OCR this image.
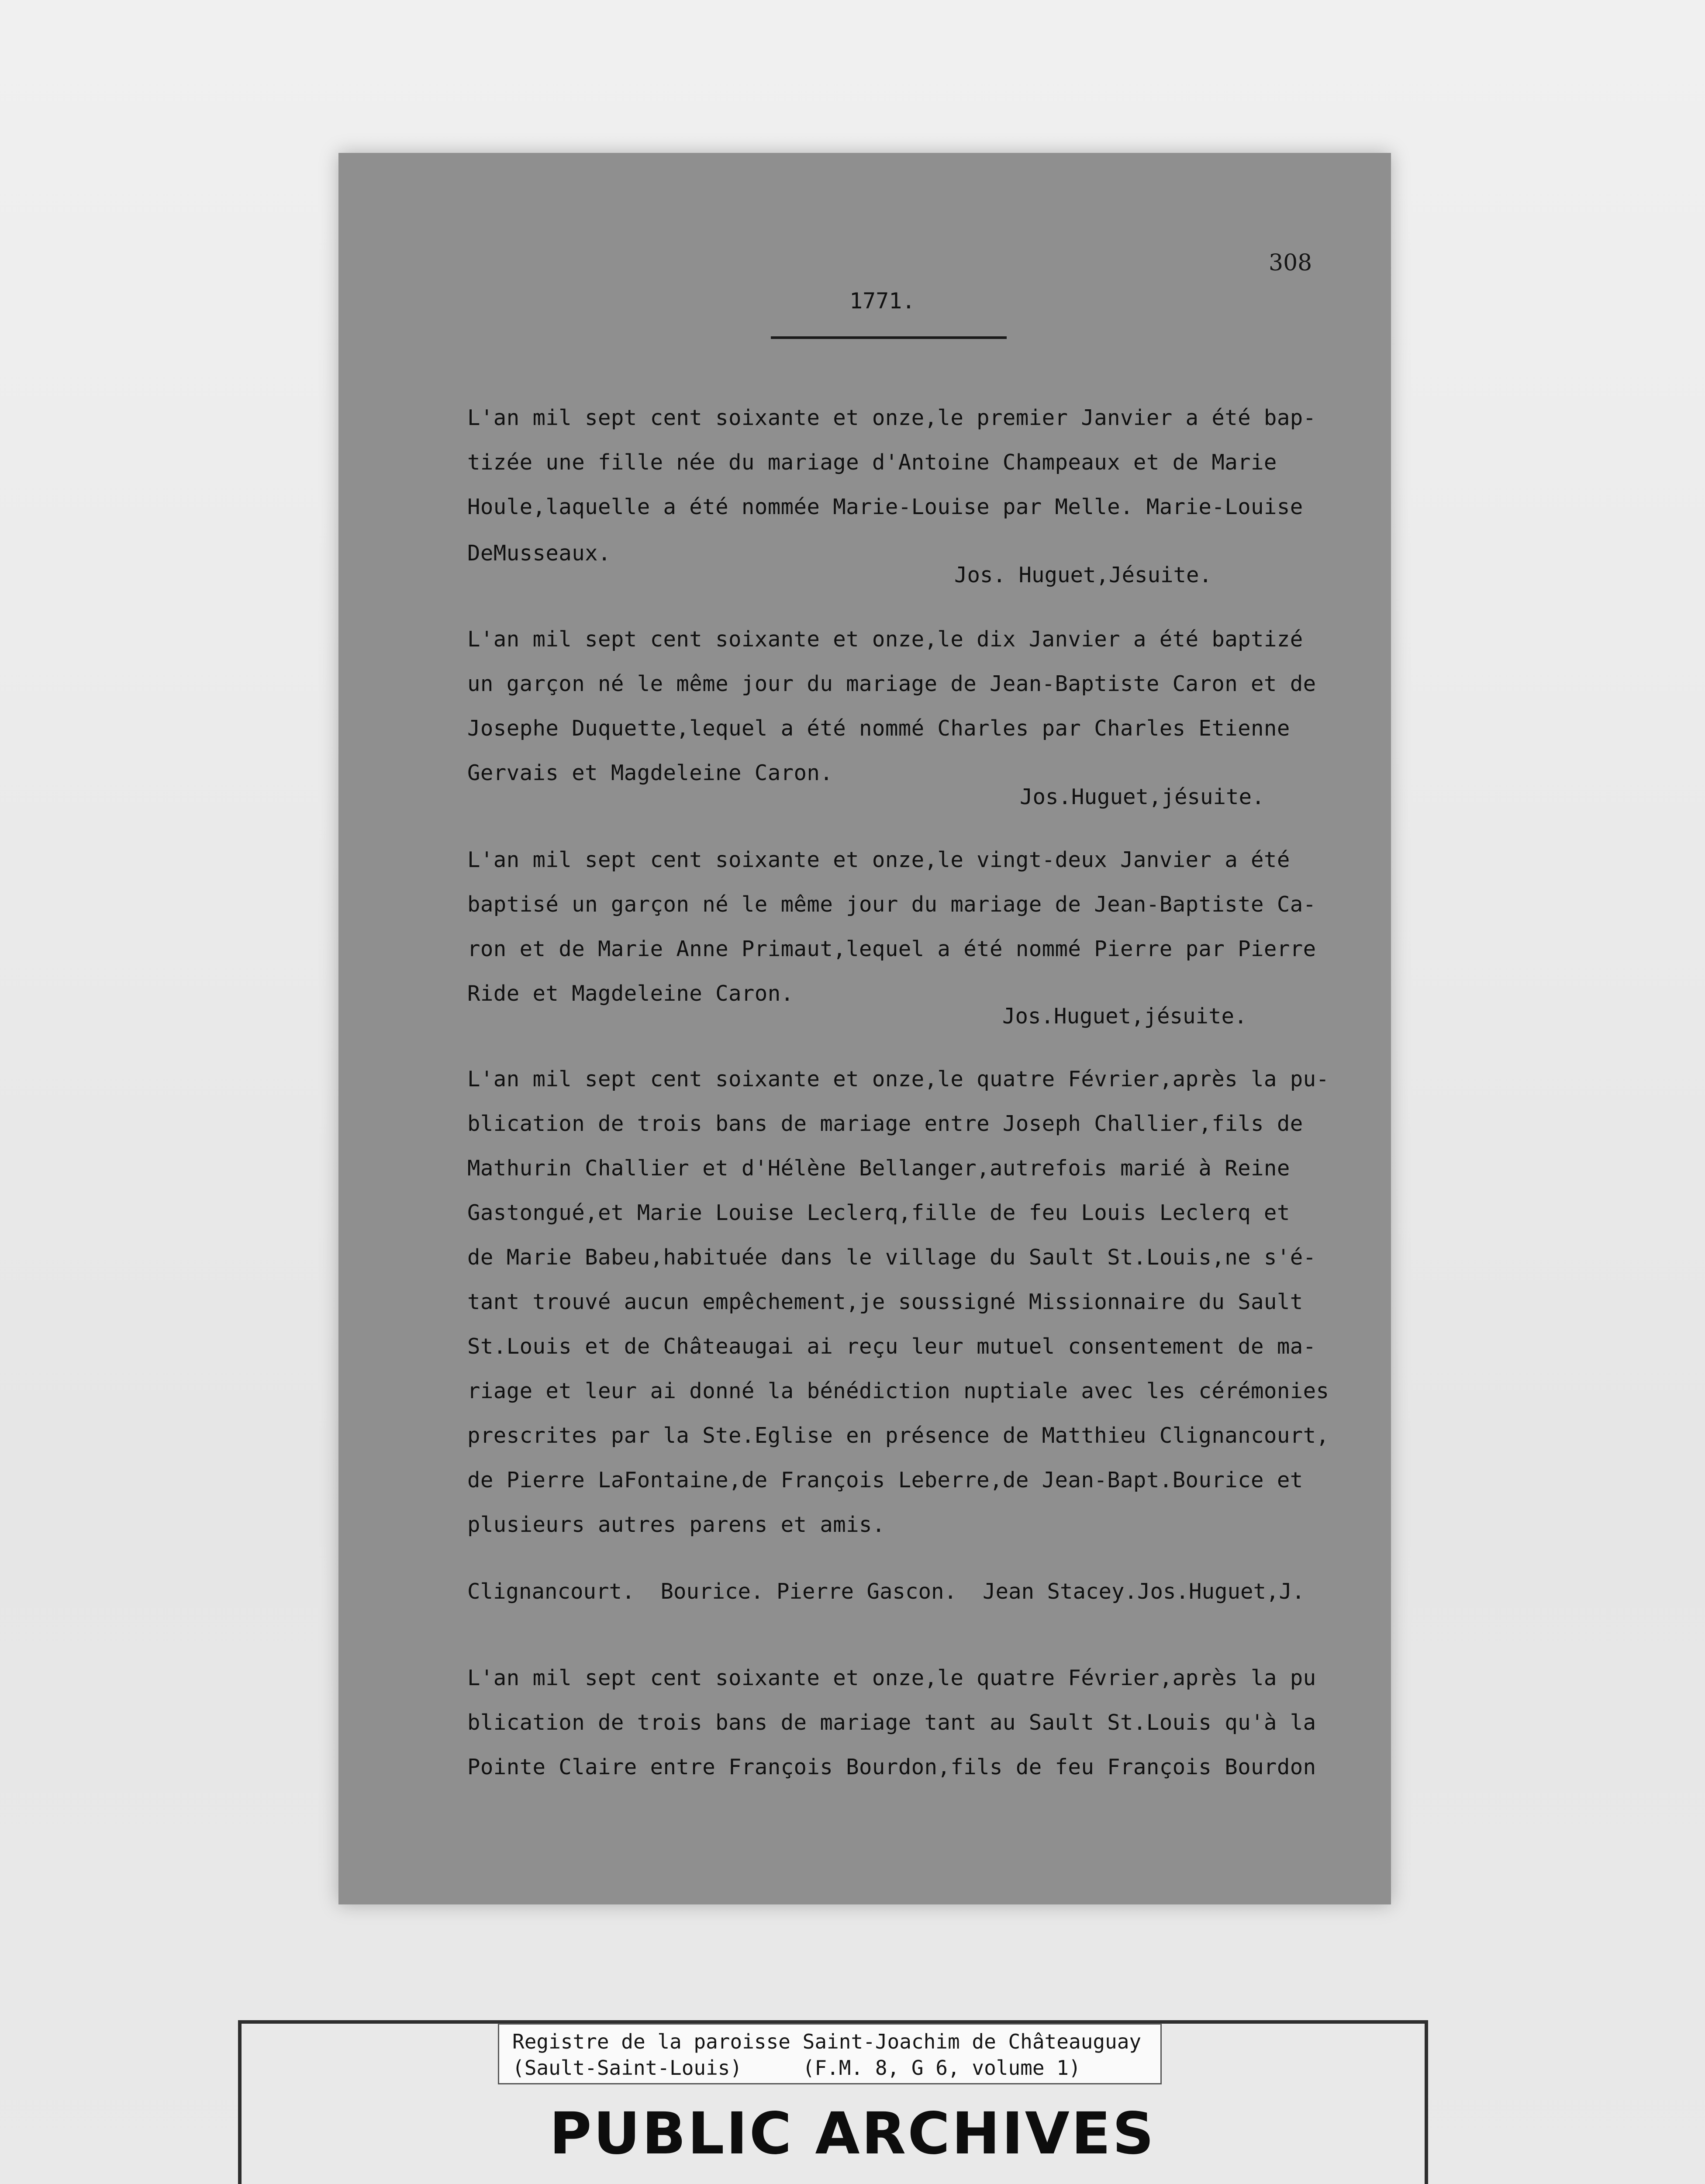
308
1771.

L'an mil sept cent soixante et onze,le premier Janvier a été bap-

tizée une fille née du mariage d'Antoine Champeaux et de Marie

Houle,laquelle a été nommée Marie-Louise par Melle. Marie-Louise

DeMusseaux.

Jos. Huguet,Jésuite.

L'an mil sept cent soixante et onze,le dix Janvier a été baptizé

un garçon né le même jour du mariage de Jean-Baptiste Caron et de

Josephe Duquette,lequel a été nommé Charles par Charles Etienne

Gervais et Magdeleine Caron.

Jos.Huguet,jésuite.

L'an mil sept cent soixante et onze,le vingt-deux Janvier a été

baptisé un garçon né le même jour du mariage de Jean-Baptiste Ca-

ron et de Marie Anne Primaut,lequel a été nommé Pierre par Pierre

Ride et Magdeleine Caron.

Jos.Huguet,jésuite.

L'an mil sept cent soixante et onze,le quatre Février,après la pu-

blication de trois bans de mariage entre Joseph Challier,fils de

Mathurin Challier et d'Hélène Bellanger,autrefois marié à Reine

Gastongué,et Marie Louise Leclerq,fille de feu Louis Leclerq et

de Marie Babeu,habituée dans le village du Sault St.Louis,ne s'é-

tant trouvé aucun empêchement,je soussigné Missionnaire du Sault

St.Louis et de Châteaugai ai reçu leur mutuel consentement de ma-

riage et leur ai donné la bénédiction nuptiale avec les cérémonies

prescrites par la Ste.Eglise en présence de Matthieu Clignancourt,

de Pierre LaFontaine,de François Leberre,de Jean-Bapt.Bourice et

plusieurs autres parens et amis.

Clignancourt.  Bourice. Pierre Gascon.  Jean Stacey.Jos.Huguet,J.

L'an mil sept cent soixante et onze,le quatre Février,après la pu

blication de trois bans de mariage tant au Sault St.Louis qu'à la

Pointe Claire entre François Bourdon,fils de feu François Bourdon

Registre de la paroisse Saint-Joachim de Châteauguay

(Sault-Saint-Louis)     (F.M. 8, G 6, volume 1)

PUBLIC ARCHIVES
